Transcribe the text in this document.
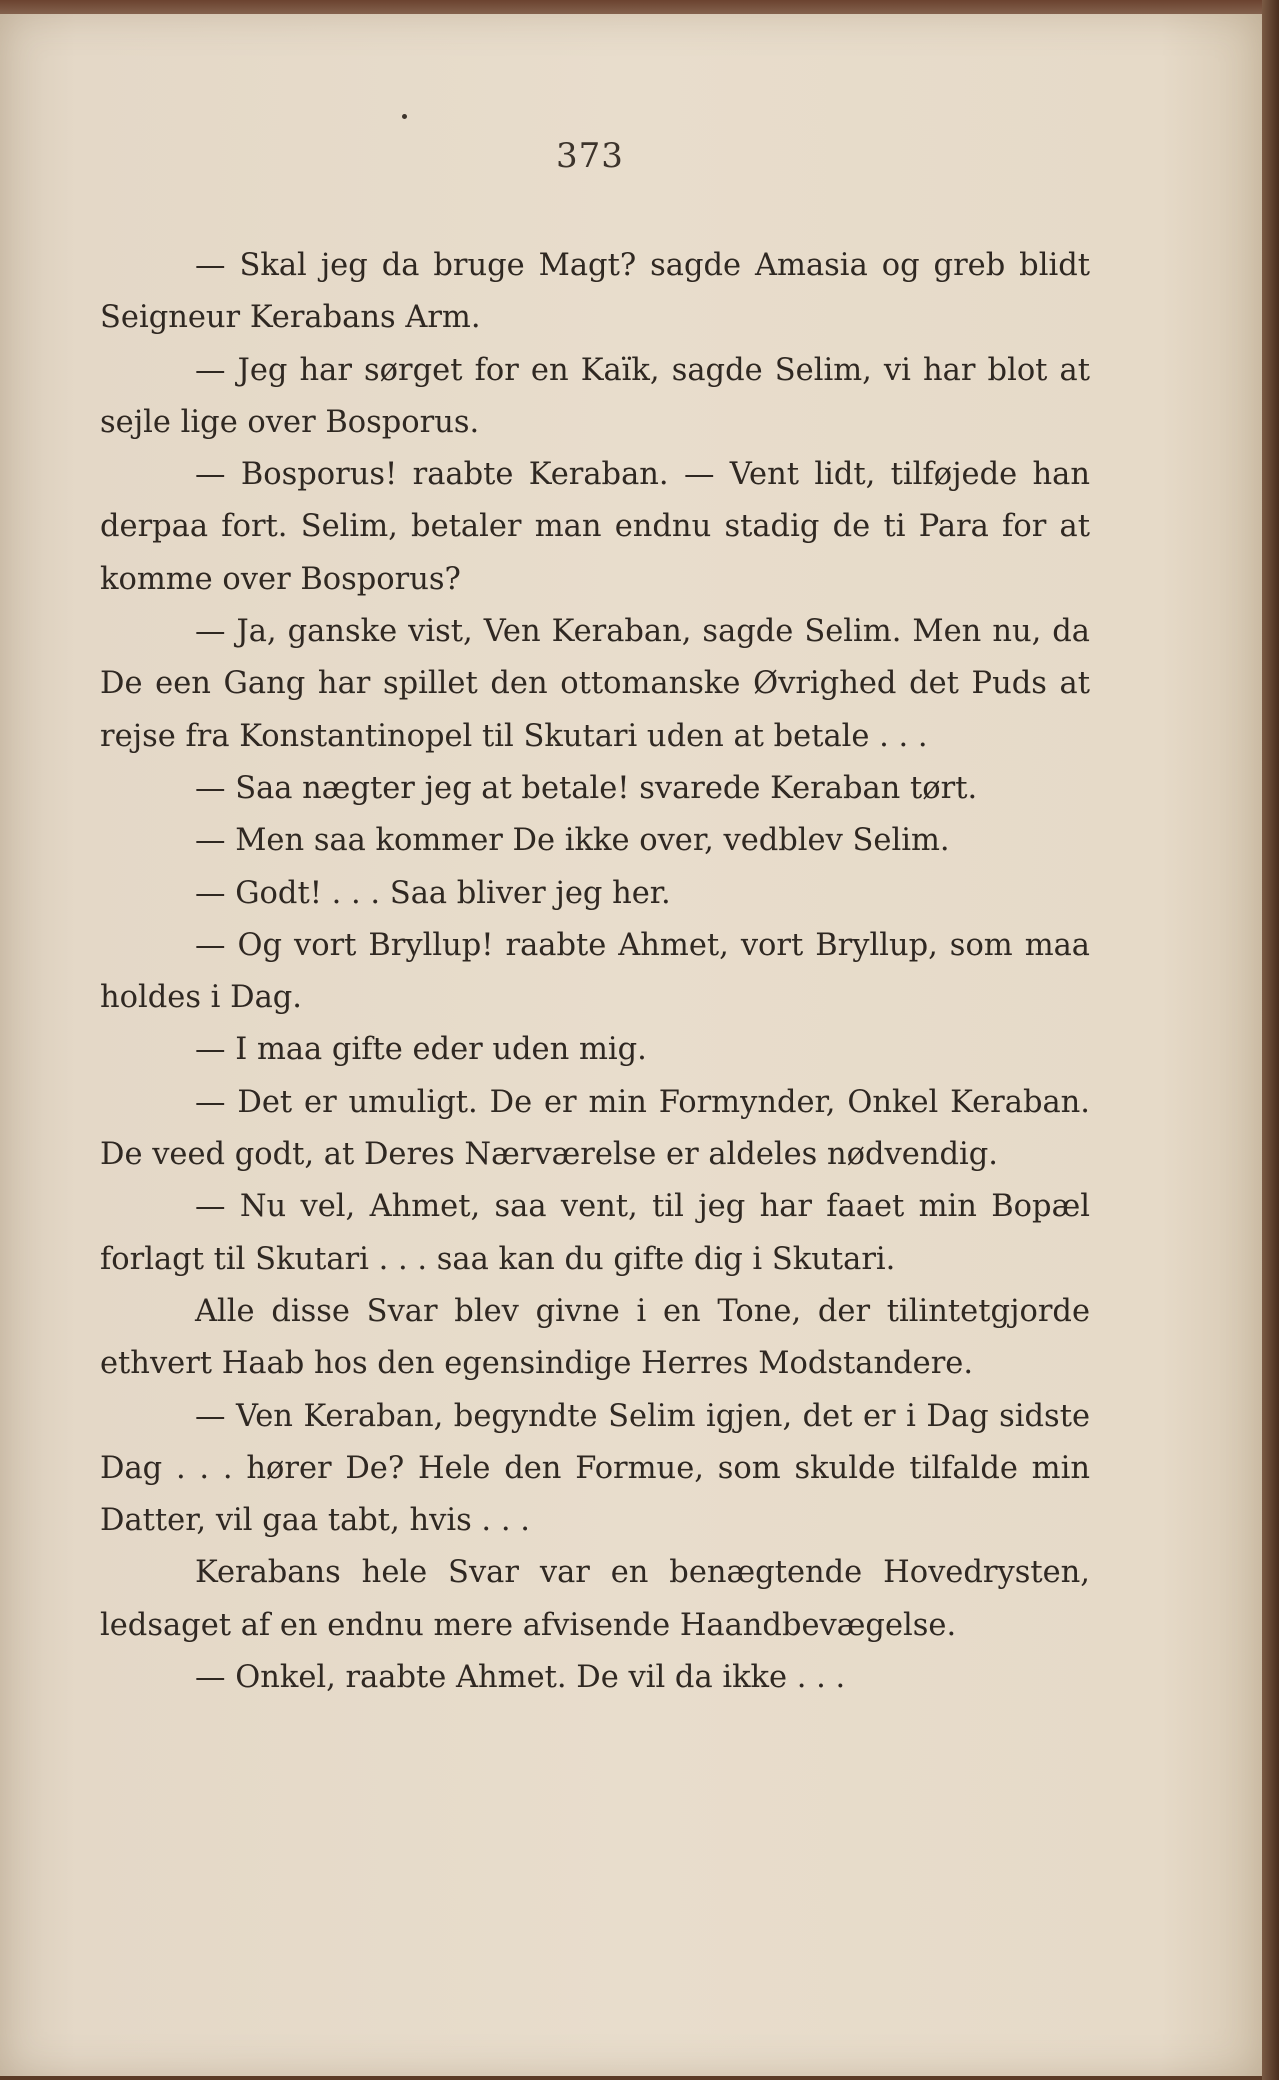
373

— Skal jeg da bruge Magt? sagde Amasia og greb blidt Seigneur Kerabans Arm.

— Jeg har sørget for en Kaïk, sagde Selim, vi har blot at sejle lige over Bosporus.

— Bosporus! raabte Keraban. — Vent lidt, tilføjede han derpaa fort. Selim, betaler man endnu stadig de ti Para for at komme over Bosporus?

— Ja, ganske vist, Ven Keraban, sagde Selim. Men nu, da De een Gang har spillet den ottomanske Øvrighed det Puds at rejse fra Konstantinopel til Skutari uden at betale . . .

— Saa nægter jeg at betale! svarede Keraban tørt.

— Men saa kommer De ikke over, vedblev Selim.

— Godt! . . . Saa bliver jeg her.

— Og vort Bryllup! raabte Ahmet, vort Bryllup, som maa holdes i Dag.

— I maa gifte eder uden mig.

— Det er umuligt. De er min Formynder, Onkel Keraban. De veed godt, at Deres Nærværelse er aldeles nødvendig.

— Nu vel, Ahmet, saa vent, til jeg har faaet min Bopæl forlagt til Skutari . . . saa kan du gifte dig i Skutari.

Alle disse Svar blev givne i en Tone, der tilintetgjorde ethvert Haab hos den egensindige Herres Modstandere.

— Ven Keraban, begyndte Selim igjen, det er i Dag sidste Dag . . . hører De? Hele den Formue, som skulde tilfalde min Datter, vil gaa tabt, hvis . . .

Kerabans hele Svar var en benægtende Hovedrysten, ledsaget af en endnu mere afvisende Haandbevægelse.

— Onkel, raabte Ahmet. De vil da ikke . . .
